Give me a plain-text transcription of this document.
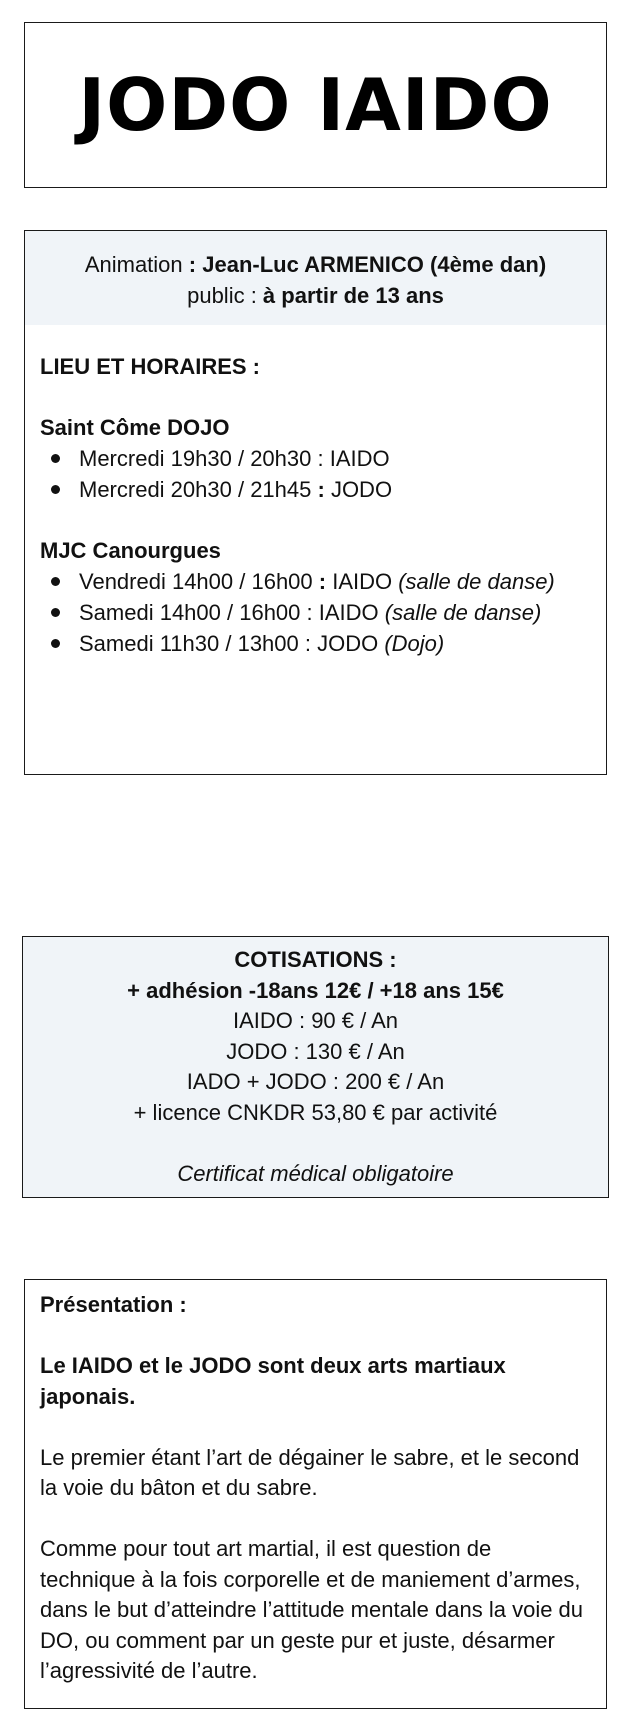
JODO IAIDO
Animation : Jean-Luc ARMENICO (4ème dan)
public : à partir de 13 ans
LIEU ET HORAIRES :
Saint Côme DOJO
Mercredi 19h30 / 20h30 : IAIDO
Mercredi 20h30 / 21h45 : JODO
MJC Canourgues
Vendredi 14h00 / 16h00 : IAIDO (salle de danse)
Samedi 14h00 / 16h00 : IAIDO (salle de danse)
Samedi 11h30 / 13h00 : JODO (Dojo)
COTISATIONS :
+ adhésion -18ans 12€ / +18 ans 15€
IAIDO : 90 € / An
JODO : 130 € / An
IADO + JODO : 200 € / An
+ licence CNKDR 53,80 € par activité
Certificat médical obligatoire
Présentation :
Le IAIDO et le JODO sont deux arts martiaux japonais.
Le premier étant l’art de dégainer le sabre, et le second la voie du bâton et du sabre.
Comme pour tout art martial, il est question de technique à la fois corporelle et de maniement d’armes, dans le but d’atteindre l’attitude mentale dans la voie du DO, ou comment par un geste pur et juste, désarmer l’agressivité de l’autre.
